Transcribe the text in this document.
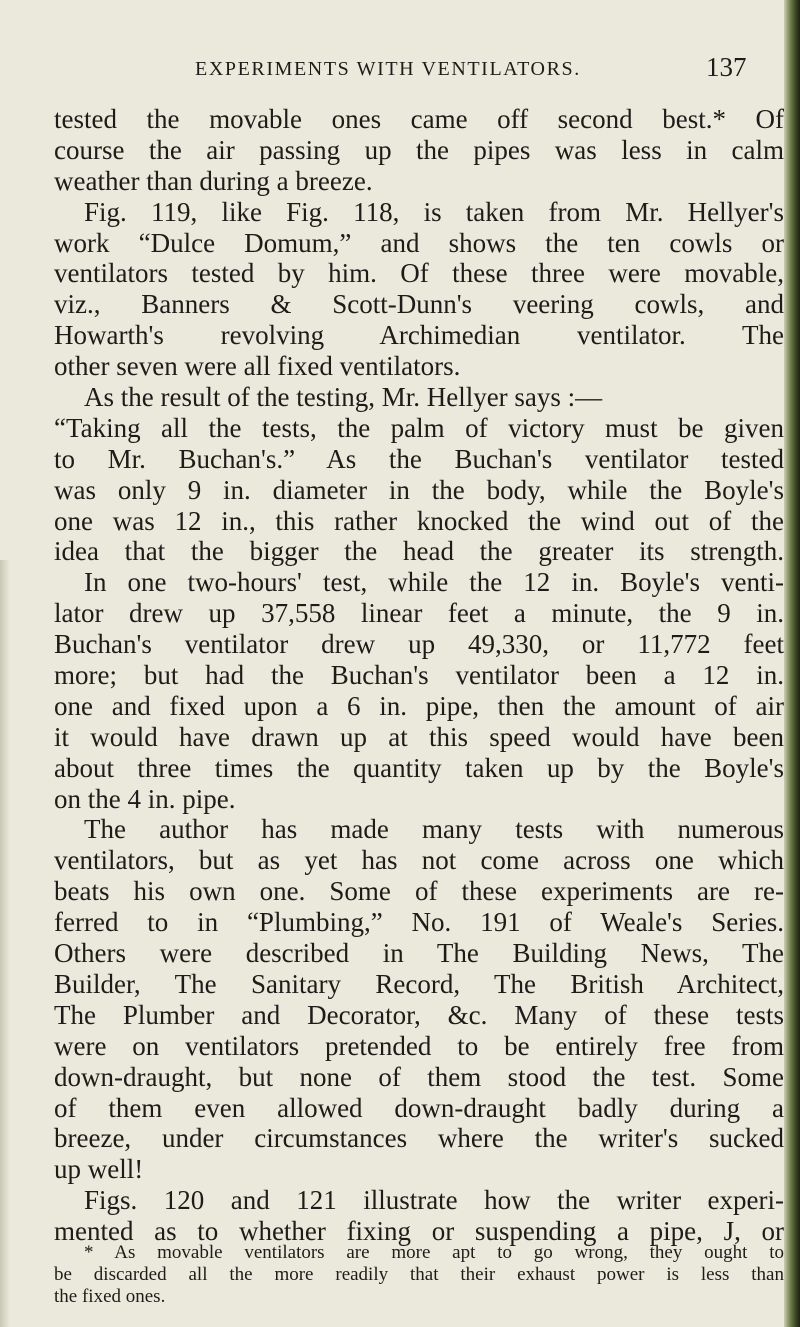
EXPERIMENTS WITH VENTILATORS.	137
tested the movable ones came off second best.* Of
course the air passing up the pipes was less in calm
weather than during a breeze.
Fig. 119, like Fig. 118, is taken from Mr. Hellyer's
work “Dulce Domum,” and shows the ten cowls or
ventilators tested by him. Of these three were movable,
viz., Banners & Scott-Dunn's veering cowls, and
Howarth's revolving Archimedian ventilator. The
other seven were all fixed ventilators.
As the result of the testing, Mr. Hellyer says :—
“Taking all the tests, the palm of victory must be given
to Mr. Buchan's.” As the Buchan's ventilator tested
was only 9 in. diameter in the body, while the Boyle's
one was 12 in., this rather knocked the wind out of the
idea that the bigger the head the greater its strength.
In one two-hours' test, while the 12 in. Boyle's venti-
lator drew up 37,558 linear feet a minute, the 9 in.
Buchan's ventilator drew up 49,330, or 11,772 feet
more; but had the Buchan's ventilator been a 12 in.
one and fixed upon a 6 in. pipe, then the amount of air
it would have drawn up at this speed would have been
about three times the quantity taken up by the Boyle's
on the 4 in. pipe.
The author has made many tests with numerous
ventilators, but as yet has not come across one which
beats his own one. Some of these experiments are re-
ferred to in “Plumbing,” No. 191 of Weale's Series.
Others were described in The Building News, The
Builder, The Sanitary Record, The British Architect,
The Plumber and Decorator, &c. Many of these tests
were on ventilators pretended to be entirely free from
down-draught, but none of them stood the test. Some
of them even allowed down-draught badly during a
breeze, under circumstances where the writer's sucked
up well!
Figs. 120 and 121 illustrate how the writer experi-
mented as to whether fixing or suspending a pipe, J, or
* As movable ventilators are more apt to go wrong, they ought to
be discarded all the more readily that their exhaust power is less than
the fixed ones.
